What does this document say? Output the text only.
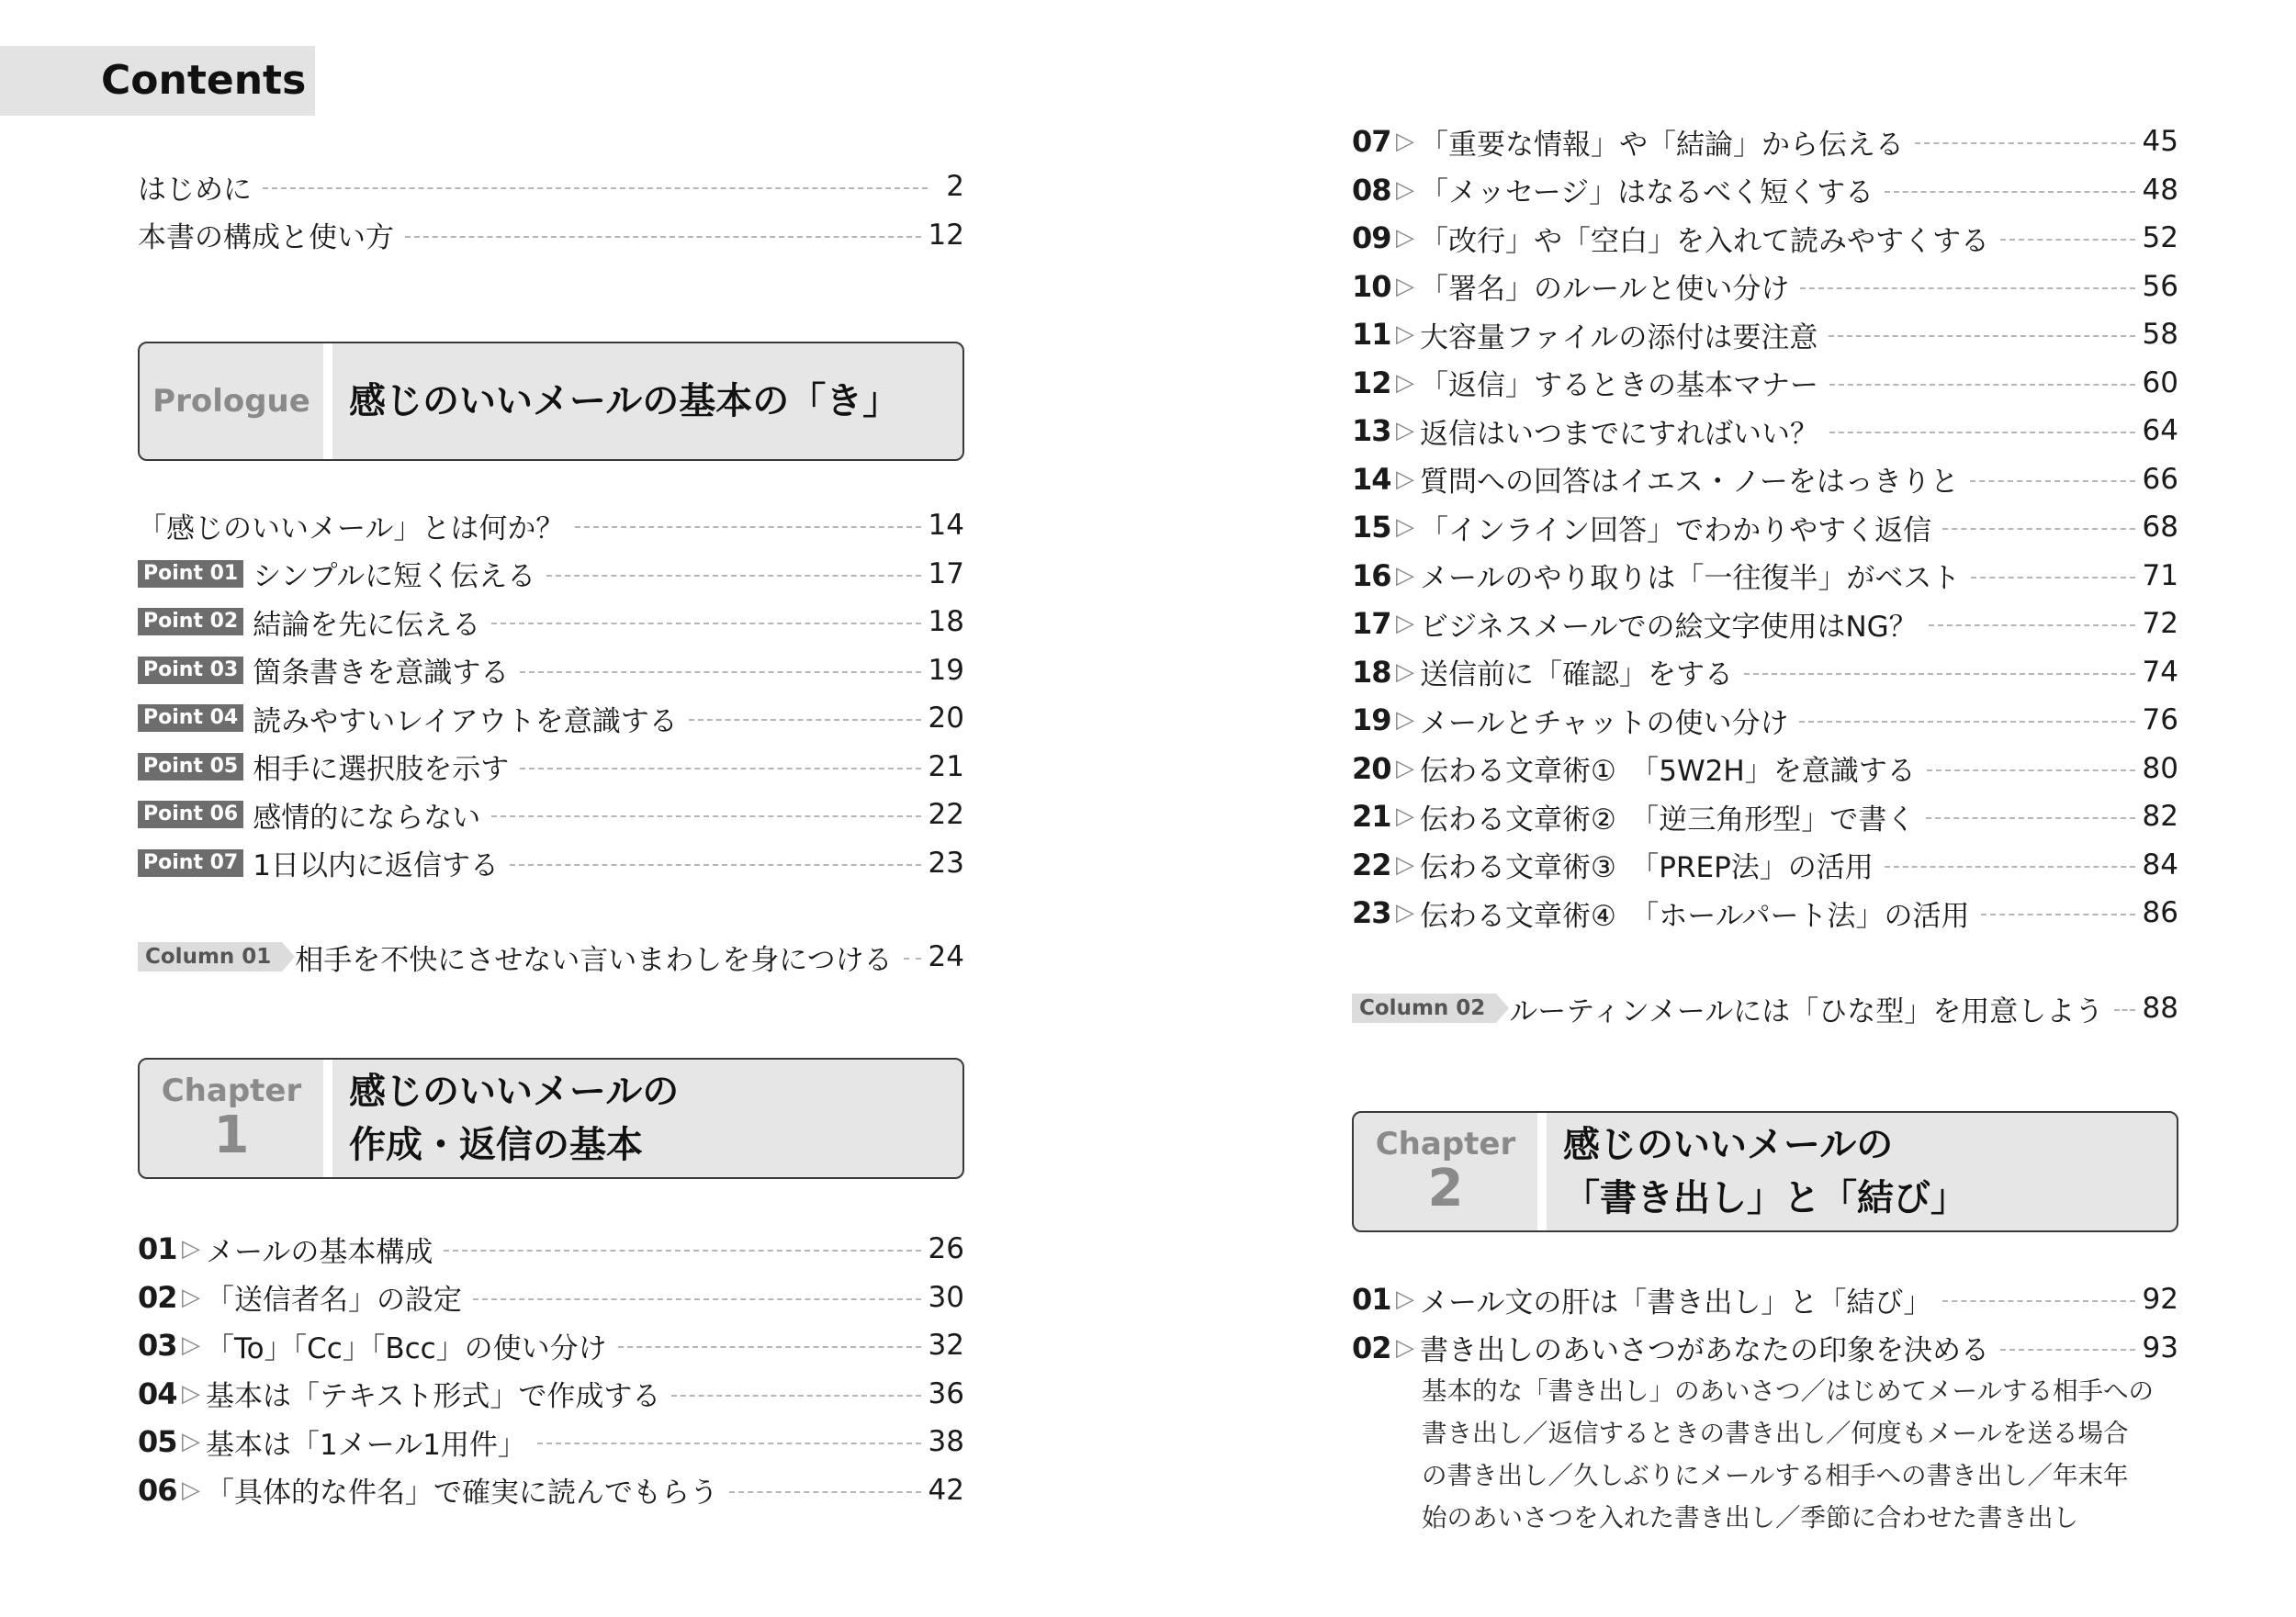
Contents
はじめに	2
本書の構成と使い方	12
Prologue 感じのいいメールの基本の「き」
「感じのいいメール」とは何か？	14
Point 01 シンプルに短く伝える	17
Point 02 結論を先に伝える	18
Point 03 箇条書きを意識する	19
Point 04 読みやすいレイアウトを意識する	20
Point 05 相手に選択肢を示す	21
Point 06 感情的にならない	22
Point 07 1日以内に返信する	23
Column 01 相手を不快にさせない言いまわしを身につける 24
Chapter
1
感じのいいメールの
作成・返信の基本
01 ▷ メールの基本構成	26
02 ▷ 「送信者名」の設定	30
03 ▷ 「To」「Cc」「Bcc」の使い分け	32
04 ▷ 基本は「テキスト形式」で作成する	36
05 ▷ 基本は「1メール1用件」	38
06 ▷ 「具体的な件名」で確実に読んでもらう	42
07 ▷ 「重要な情報」や「結論」から伝える	45
08 ▷ 「メッセージ」はなるべく短くする	48
09 ▷ 「改行」や「空白」を入れて読みやすくする	52
10 ▷ 「署名」のルールと使い分け	56
11 ▷ 大容量ファイルの添付は要注意	58
12 ▷ 「返信」するときの基本マナー	60
13 ▷ 返信はいつまでにすればいい？	64
14 ▷ 質問への回答はイエス・ノーをはっきりと	66
15 ▷ 「インライン回答」でわかりやすく返信	68
16 ▷ メールのやり取りは「一往復半」がベスト	71
17 ▷ ビジネスメールでの絵文字使用はNG？	72
18 ▷ 送信前に「確認」をする	74
19 ▷ メールとチャットの使い分け	76
20 ▷ 伝わる文章術①　「5W2H」を意識する	80
21 ▷ 伝わる文章術②　「逆三角形型」で書く	82
22 ▷ 伝わる文章術③　「PREP法」の活用	84
23 ▷ 伝わる文章術④　「ホールパート法」の活用	86
Column 02 ルーティンメールには「ひな型」を用意しよう 88
Chapter
2
感じのいいメールの
「書き出し」と「結び」
01 ▷ メール文の肝は「書き出し」と「結び」	92
02 ▷ 書き出しのあいさつがあなたの印象を決める	93
基本的な「書き出し」のあいさつ／はじめてメールする相手への
書き出し／返信するときの書き出し／何度もメールを送る場合
の書き出し／久しぶりにメールする相手への書き出し／年末年
始のあいさつを入れた書き出し／季節に合わせた書き出し
